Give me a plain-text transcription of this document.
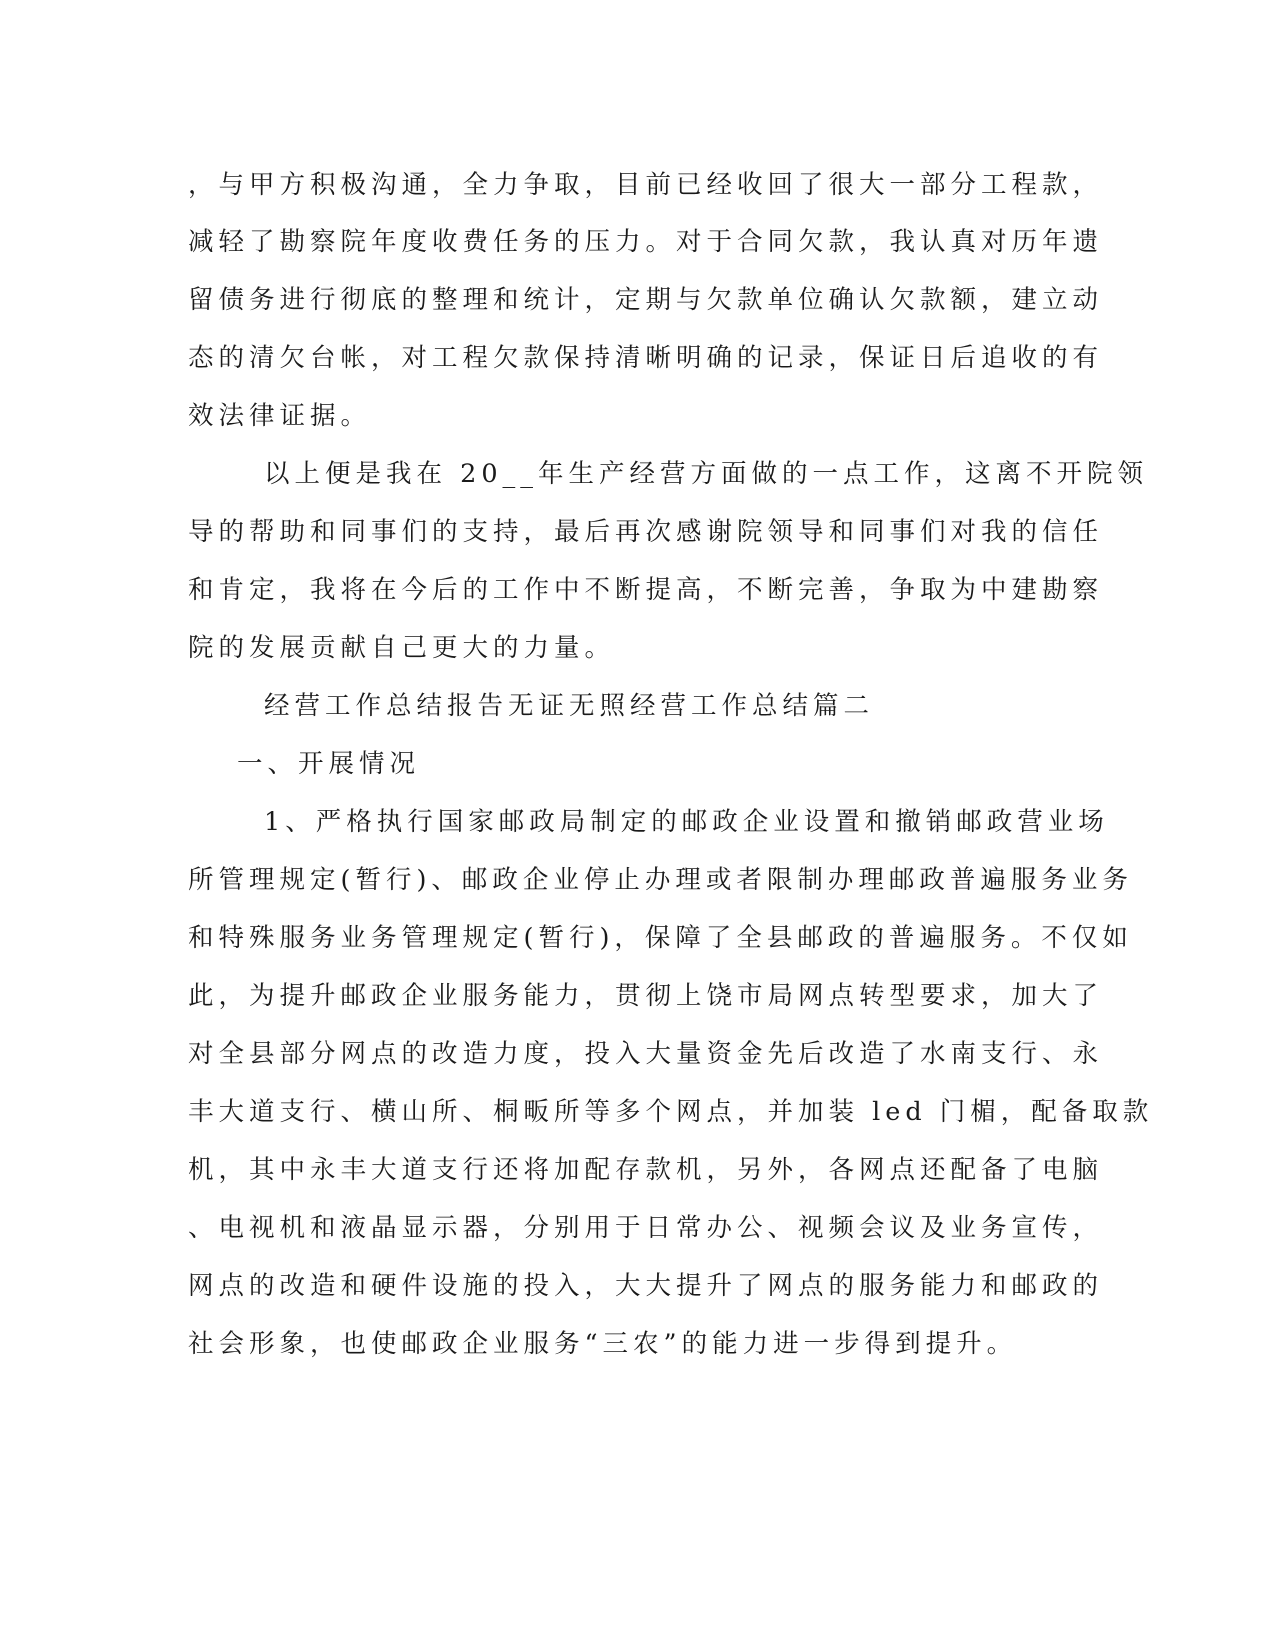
，与甲方积极沟通，全力争取，目前已经收回了很大一部分工程款，

减轻了勘察院年度收费任务的压力。对于合同欠款，我认真对历年遗

留债务进行彻底的整理和统计，定期与欠款单位确认欠款额，建立动

态的清欠台帐，对工程欠款保持清晰明确的记录，保证日后追收的有

效法律证据。

以上便是我在 20__年生产经营方面做的一点工作，这离不开院领

导的帮助和同事们的支持，最后再次感谢院领导和同事们对我的信任

和肯定，我将在今后的工作中不断提高，不断完善，争取为中建勘察

院的发展贡献自己更大的力量。

经营工作总结报告无证无照经营工作总结篇二

一、开展情况

1、严格执行国家邮政局制定的邮政企业设置和撤销邮政营业场

所管理规定(暂行)、邮政企业停止办理或者限制办理邮政普遍服务业务

和特殊服务业务管理规定(暂行)，保障了全县邮政的普遍服务。不仅如

此，为提升邮政企业服务能力，贯彻上饶市局网点转型要求，加大了

对全县部分网点的改造力度，投入大量资金先后改造了水南支行、永

丰大道支行、横山所、桐畈所等多个网点，并加装 led 门楣，配备取款

机，其中永丰大道支行还将加配存款机，另外，各网点还配备了电脑

、电视机和液晶显示器，分别用于日常办公、视频会议及业务宣传，

网点的改造和硬件设施的投入，大大提升了网点的服务能力和邮政的

社会形象，也使邮政企业服务“三农”的能力进一步得到提升。
